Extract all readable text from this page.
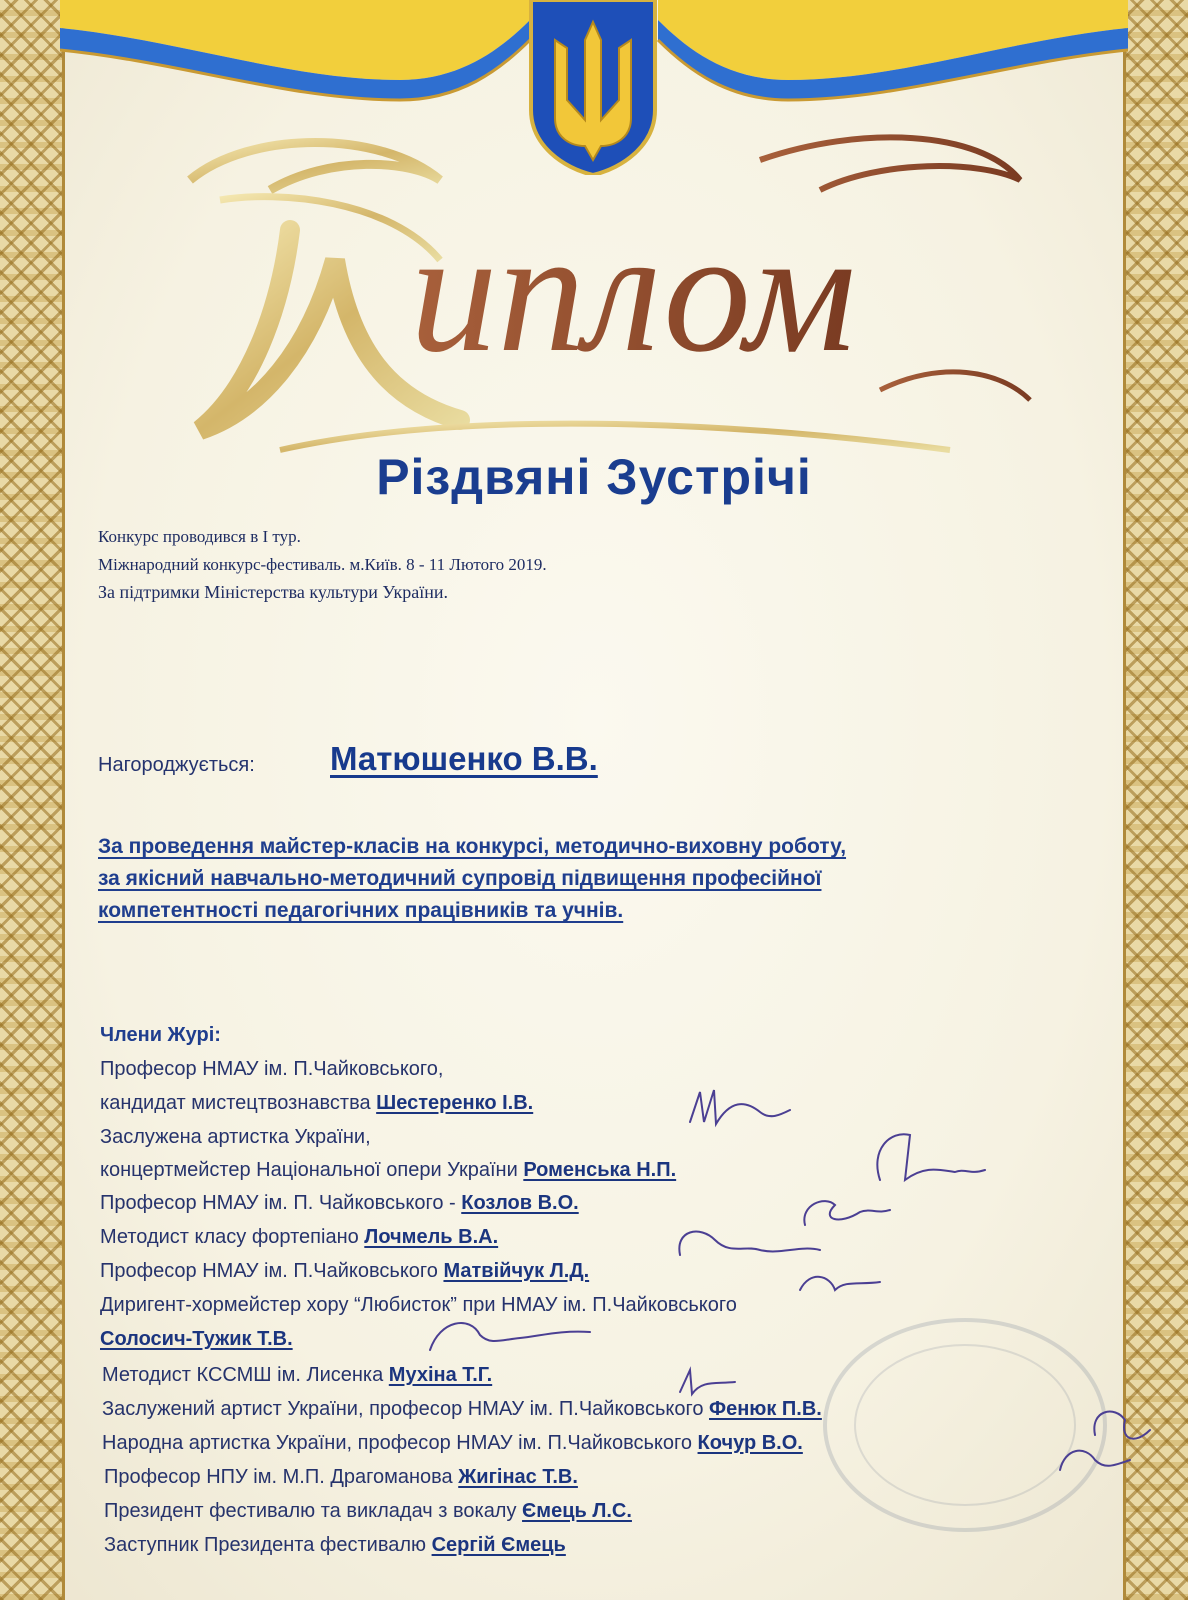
иплом
Різдвяні Зустрічі
Конкурс проводився в І тур.
Міжнародний конкурс-фестиваль. м.Київ. 8 - 11 Лютого 2019.
За підтримки Міністерства культури України.
Нагороджується: Матюшенко В.В.
За проведення майстер-класів на конкурсі, методично-виховну роботу,
за якісний навчально-методичний супровід підвищення професійної
компетентності педагогічних працівників та учнів.
Члени Журі:
Професор НМАУ ім. П.Чайковського,
кандидат мистецтвознавства Шестеренко І.В.
Заслужена артистка України,
концертмейстер Національної опери України Роменська Н.П.
Професор НМАУ ім. П. Чайковського - Козлов В.О.
Методист класу фортепіано Лочмель В.А.
Професор НМАУ ім. П.Чайковського Матвійчук Л.Д.
Диригент-хормейстер хору “Любисток” при НМАУ ім. П.Чайковського
Солосич-Тужик Т.В.
Методист КССМШ ім. Лисенка Мухіна Т.Г.
Заслужений артист України, професор НМАУ ім. П.Чайковського Фенюк П.В.
Народна артистка України, професор НМАУ ім. П.Чайковського Кочур В.О.
Професор НПУ ім. М.П. Драгоманова Жигінас Т.В.
Президент фестивалю та викладач з вокалу Ємець Л.С.
Заступник Президента фестивалю Сергій Ємець
